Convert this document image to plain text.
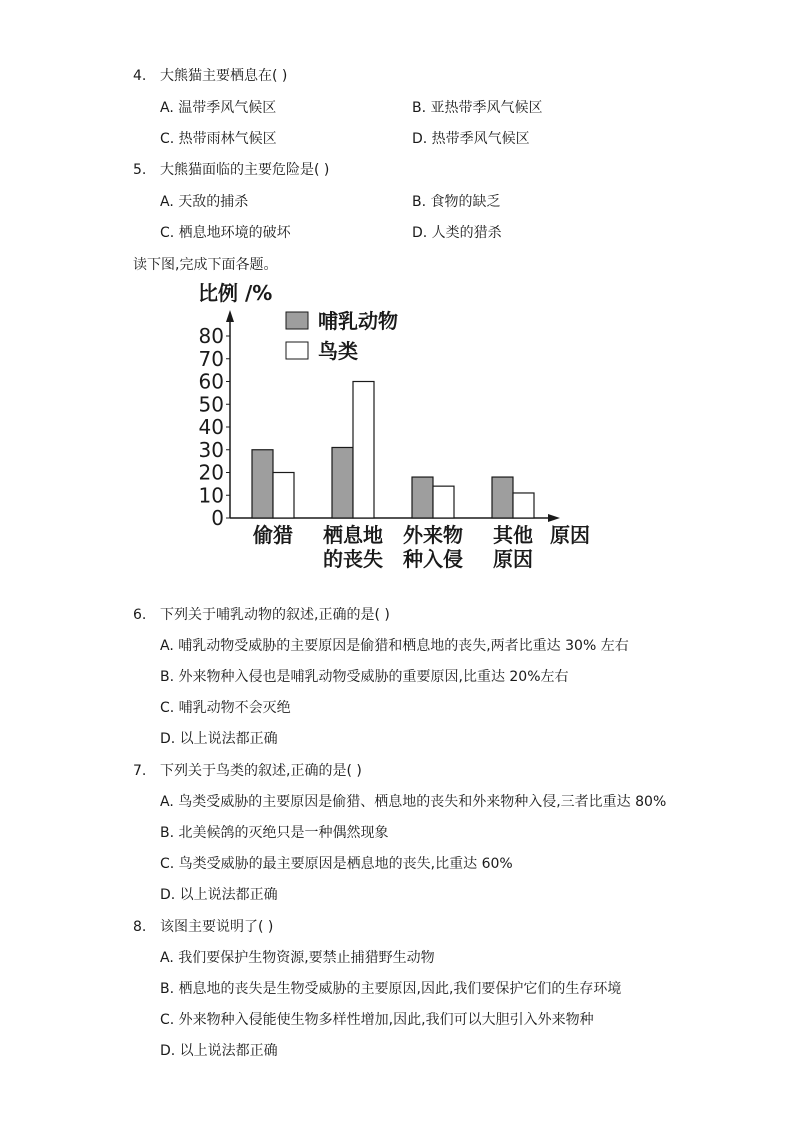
4. 大熊猫主要栖息在( )
A. 温带季风气候区	B. 亚热带季风气候区
C. 热带雨林气候区	D. 热带季风气候区
5. 大熊猫面临的主要危险是( )
A. 天敌的捕杀	B. 食物的缺乏
C. 栖息地环境的破坏	D. 人类的猎杀
读下图,完成下面各题。
比例 /%
0
10
20
30
40
50
60
70
80
偷猎 栖息地
的丧失
外来物
种入侵
其他
原因
原因
哺乳动物
鸟类
6. 下列关于哺乳动物的叙述,正确的是( )
A. 哺乳动物受威胁的主要原因是偷猎和栖息地的丧失,两者比重达 30% 左右
B. 外来物种入侵也是哺乳动物受威胁的重要原因,比重达 20%左右
C. 哺乳动物不会灭绝
D. 以上说法都正确
7. 下列关于鸟类的叙述,正确的是( )
A. 鸟类受威胁的主要原因是偷猎、栖息地的丧失和外来物种入侵,三者比重达 80%
B. 北美候鸽的灭绝只是一种偶然现象
C. 鸟类受威胁的最主要原因是栖息地的丧失,比重达 60%
D. 以上说法都正确
8. 该图主要说明了( )
A. 我们要保护生物资源,要禁止捕猎野生动物
B. 栖息地的丧失是生物受威胁的主要原因,因此,我们要保护它们的生存环境
C. 外来物种入侵能使生物多样性增加,因此,我们可以大胆引入外来物种
D. 以上说法都正确
